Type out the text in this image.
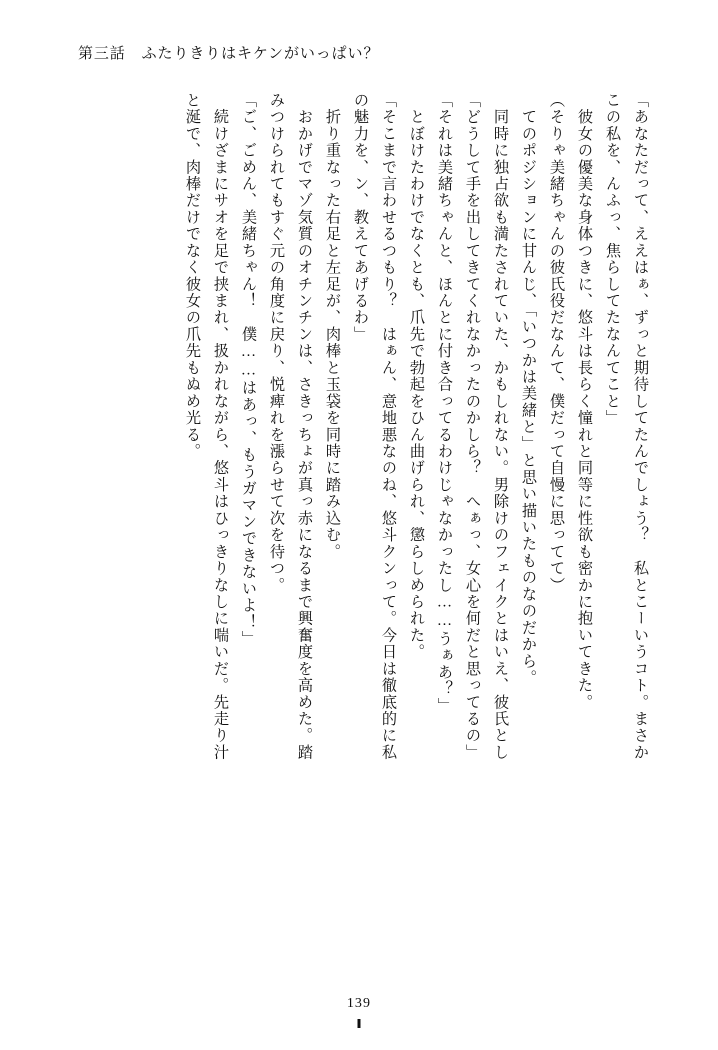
第三話　ふたりきりはキケンがいっぱい？
「あなただって、ええはぁ、ずっと期待してたんでしょう？　私とこーいうコト。まさか
この私を、んふっ、焦らしてたなんてこと」
　彼女の優美な身体つきに、悠斗は長らく憧れと同等に性欲も密かに抱いてきた。
（そりゃ美緒ちゃんの彼氏役だなんて、僕だって自慢に思ってて）
　てのポジションに甘んじ、「いつかは美緒と」と思い描いたものなのだから。
　同時に独占欲も満たされていた、かもしれない。男除けのフェイクとはいえ、彼氏とし
「どうして手を出してきてくれなかったのかしら？　へぁっ、女心を何だと思ってるの」
「それは美緒ちゃんと、ほんとに付き合ってるわけじゃなかったし……うぁあ？」
　とぼけたわけでなくとも、爪先で勃起をひん曲げられ、懲らしめられた。
「そこまで言わせるつもり？　はぁん、意地悪なのね、悠斗クンって。今日は徹底的に私
の魅力を、ン、教えてあげるわ」
　折り重なった右足と左足が、肉棒と玉袋を同時に踏み込む。
　おかげでマゾ気質のオチンチンは、さきっちょが真っ赤になるまで興奮度を高めた。踏
みつけられてもすぐ元の角度に戻り、悦痺れを漲らせて次を待つ。
「ご、ごめん、美緒ちゃん！　僕……はあっ、もうガマンできないよ！」
　続けざまにサオを足で挟まれ、扱かれながら、悠斗はひっきりなしに喘いだ。先走り汁
と涎で、肉棒だけでなく彼女の爪先もぬめ光る。
139
